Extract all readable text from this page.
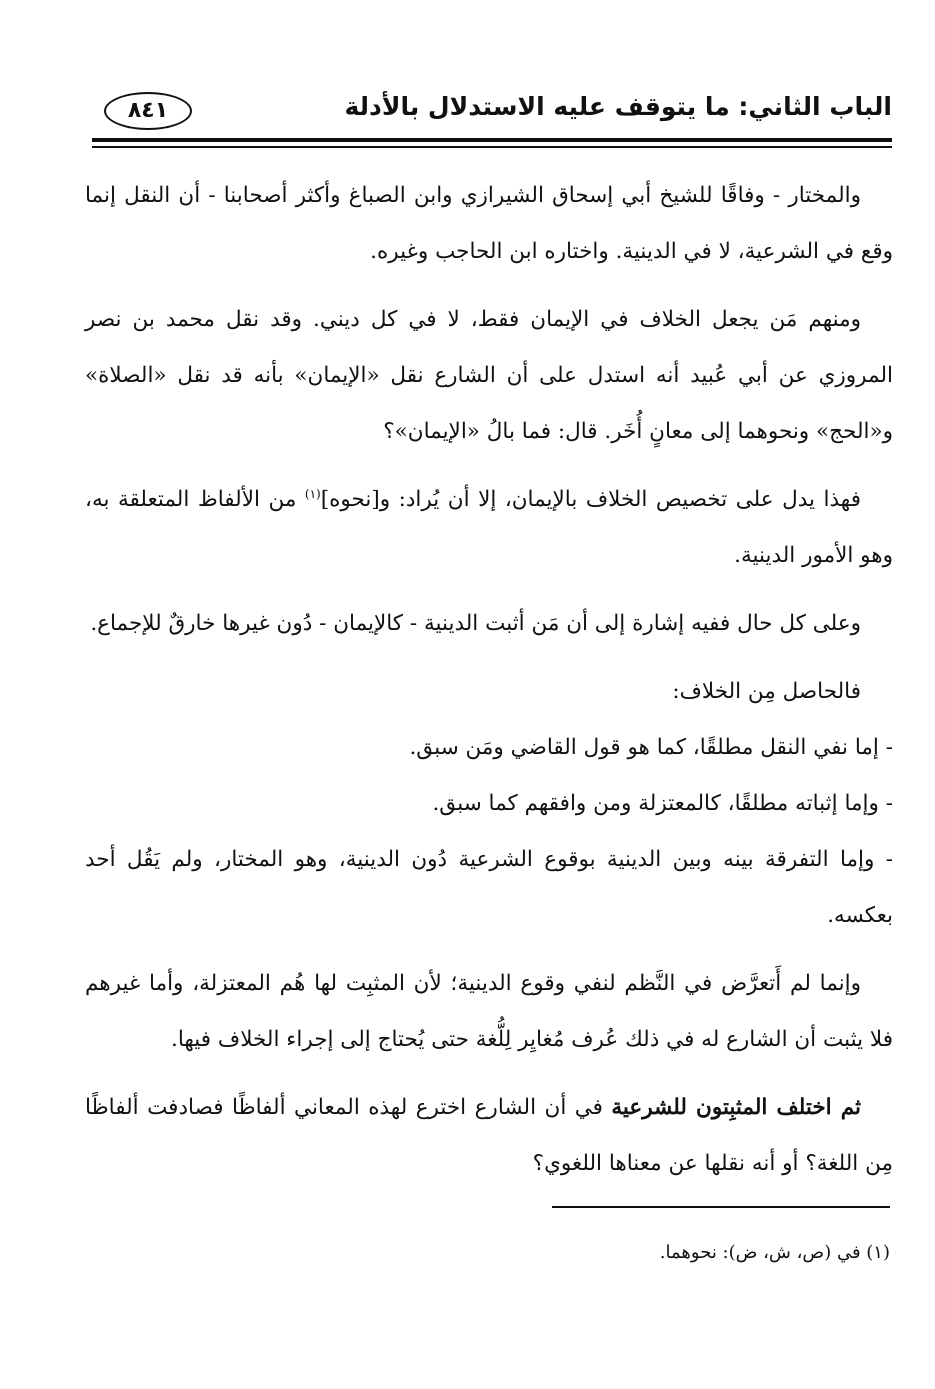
الباب الثاني: ما يتوقف عليه الاستدلال بالأدلة
٨٤١

والمختار - وفاقًا للشيخ أبي إسحاق الشيرازي وابن الصباغ وأكثر أصحابنا - أن النقل إنما وقع في الشرعية، لا في الدينية. واختاره ابن الحاجب وغيره.

ومنهم مَن يجعل الخلاف في الإيمان فقط، لا في كل ديني. وقد نقل محمد بن نصر المروزي عن أبي عُبيد أنه استدل على أن الشارع نقل «الإيمان» بأنه قد نقل «الصلاة» و«الحج» ونحوهما إلى معانٍ أُخَر. قال: فما بالُ «الإيمان»؟

فهذا يدل على تخصيص الخلاف بالإيمان، إلا أن يُراد: و[نحوه]$^{(١)}$ من الألفاظ المتعلقة به، وهو الأمور الدينية.

وعلى كل حال ففيه إشارة إلى أن مَن أثبت الدينية - كالإيمان - دُون غيرها خارقٌ للإجماع.

فالحاصل مِن الخلاف:

- إما نفي النقل مطلقًا، كما هو قول القاضي ومَن سبق.

- وإما إثباته مطلقًا، كالمعتزلة ومن وافقهم كما سبق.

- وإما التفرقة بينه وبين الدينية بوقوع الشرعية دُون الدينية، وهو المختار، ولم يَقُل أحد بعكسه.

وإنما لم أَتعرَّض في النَّظم لنفي وقوع الدينية؛ لأن المثبِت لها هُم المعتزلة، وأما غيرهم فلا يثبت أن الشارع له في ذلك عُرف مُغايِر لِلُّغة حتى يُحتاج إلى إجراء الخلاف فيها.

ثم اختلف المثبِتون للشرعية في أن الشارع اخترع لهذه المعاني ألفاظًا فصادفت ألفاظًا مِن اللغة؟ أو أنه نقلها عن معناها اللغوي؟

(١) في (ص، ش، ض): نحوهما.
